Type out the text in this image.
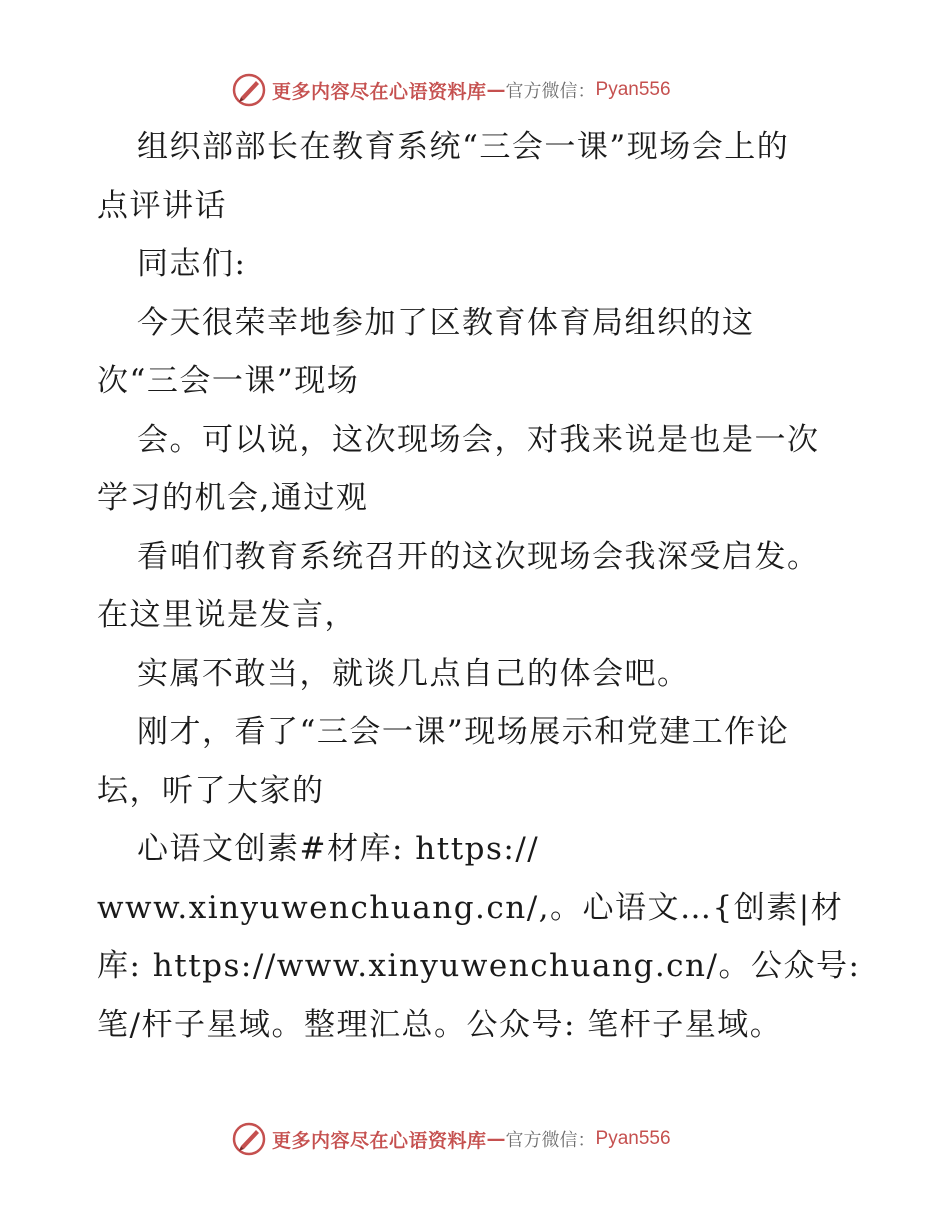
更多内容尽在心语资料库 — 官方微信： Pyan556
组织部部长在教育系统“三会一课”现场会上的
点评讲话
同志们:
今天很荣幸地参加了区教育体育局组织的这
次“三会一课”现场
会。可以说，这次现场会，对我来说是也是一次
学习的机会,通过观
看咱们教育系统召开的这次现场会我深受启发。
在这里说是发言，
实属不敢当，就谈几点自己的体会吧。
刚才，看了“三会一课”现场展示和党建工作论
坛，听了大家的
心语文创素#材库: https://
www.xinyuwenchuang.cn/,。心语文…{创素|材
库: https://www.xinyuwenchuang.cn/。公众号:
笔/杆子星域。整理汇总。公众号: 笔杆子星域。
更多内容尽在心语资料库 — 官方微信： Pyan556
